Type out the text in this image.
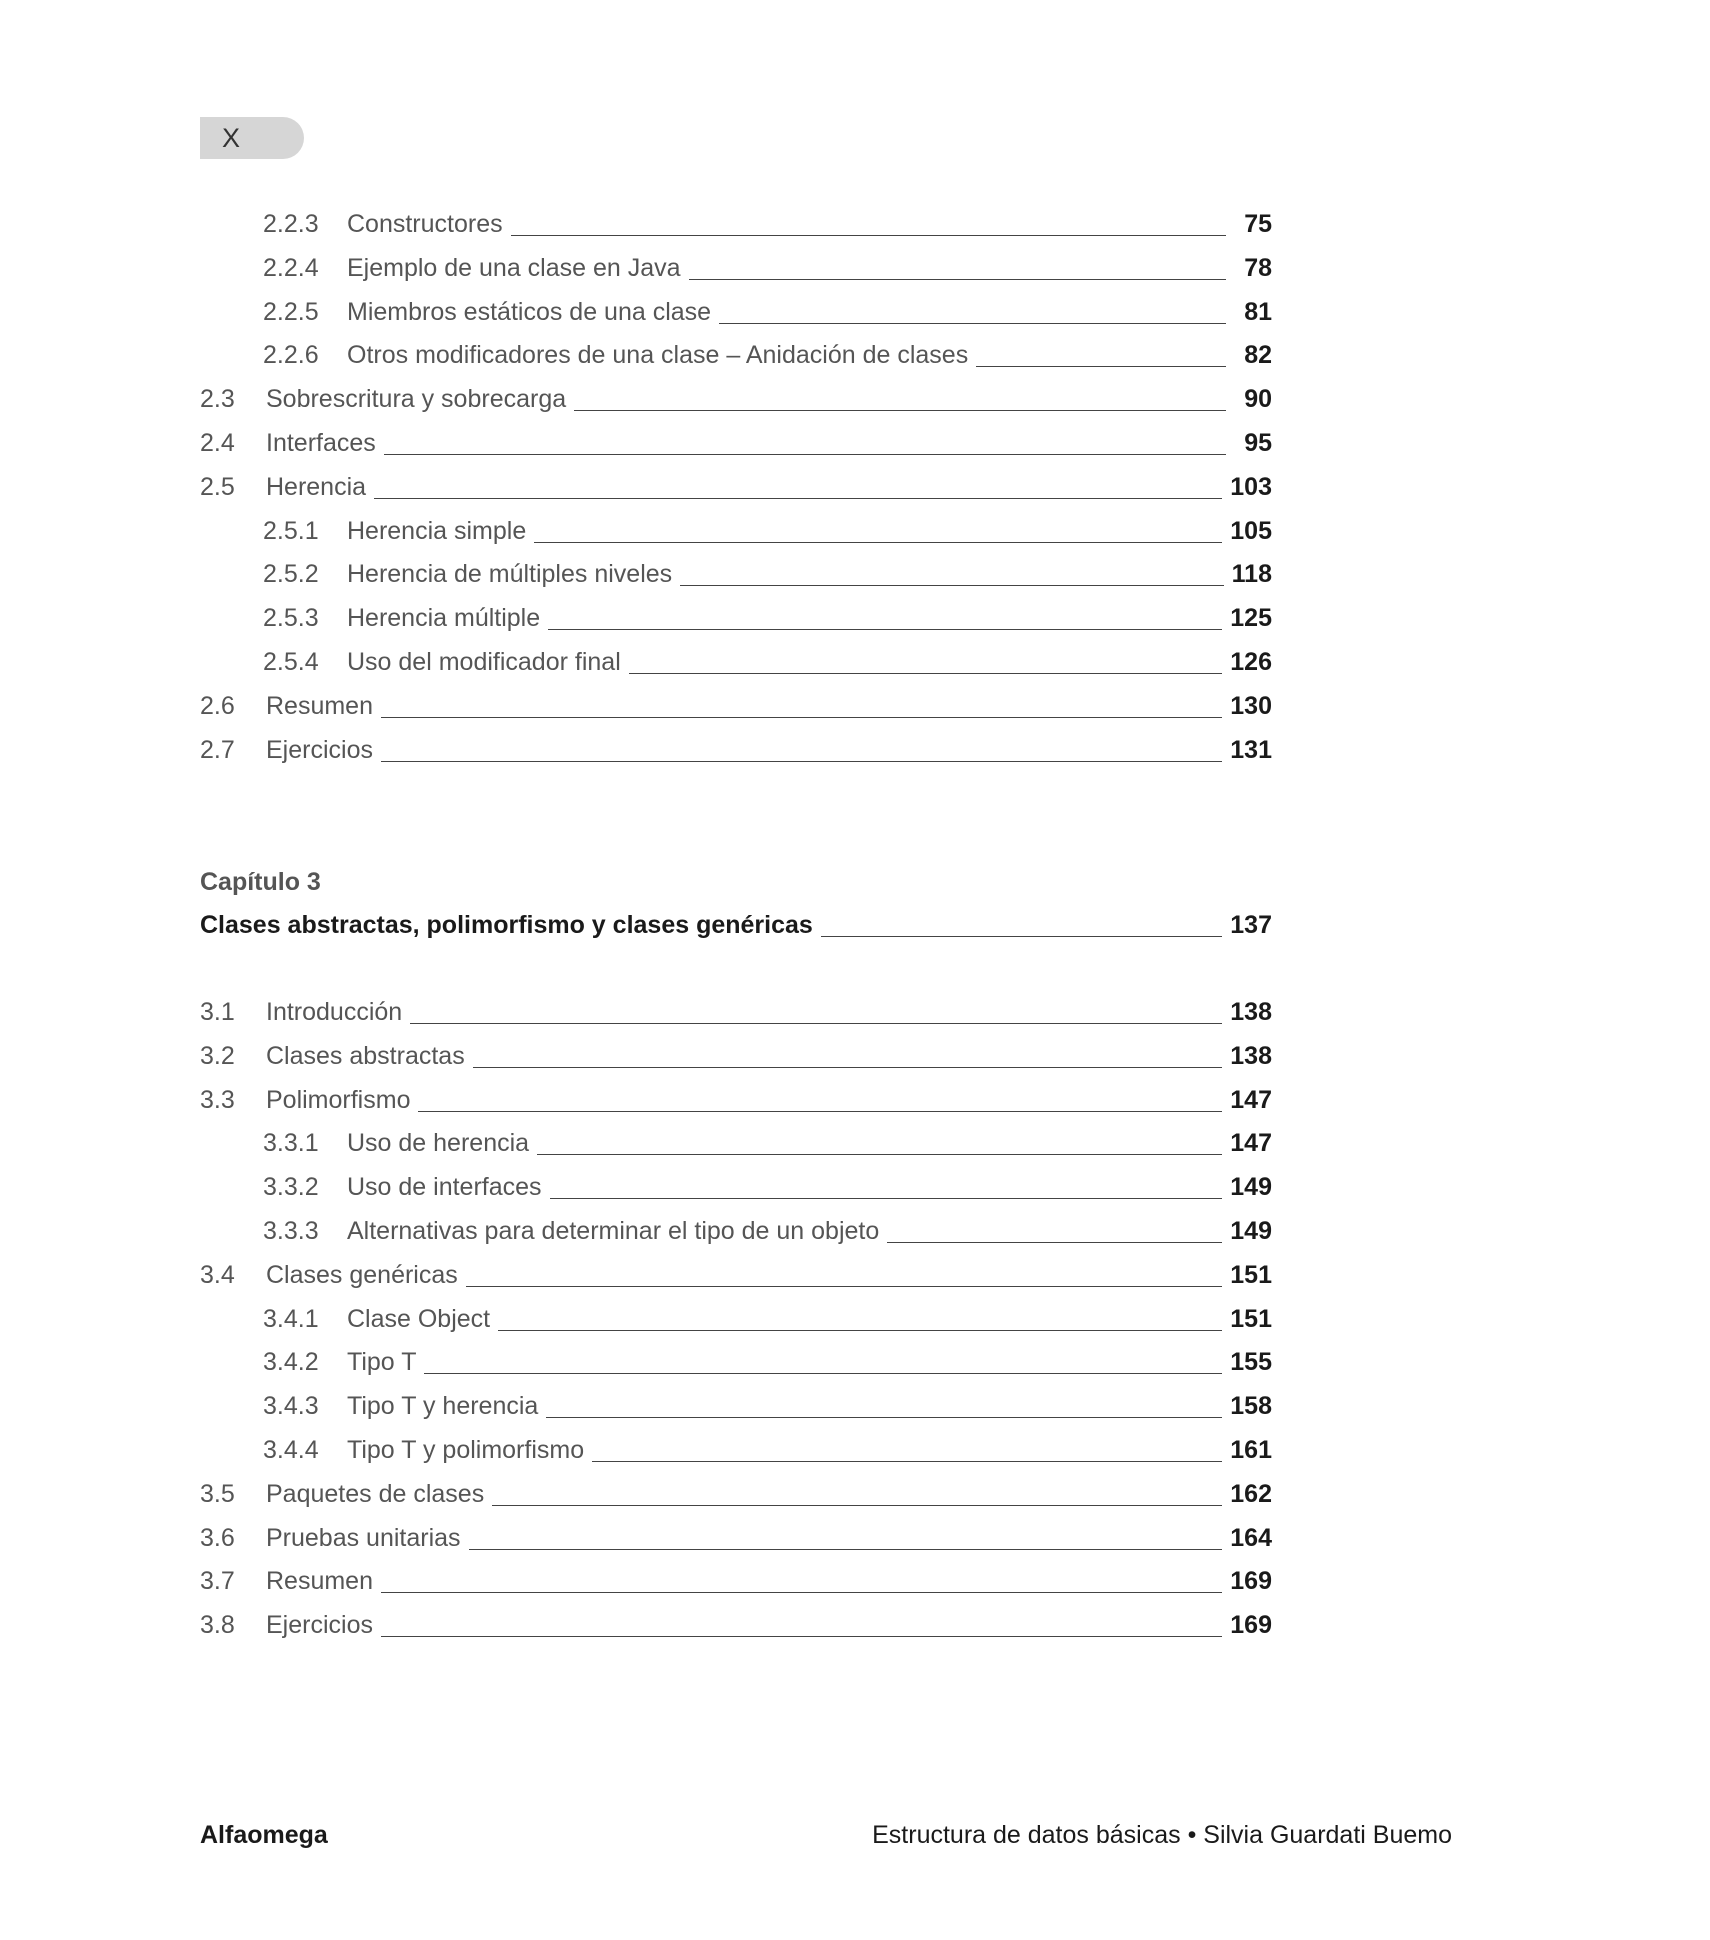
X
2.2.3 Constructores	75
2.2.4 Ejemplo de una clase en Java	78
2.2.5 Miembros estáticos de una clase	81
2.2.6 Otros modificadores de una clase – Anidación de clases	82
2.3 Sobrescritura y sobrecarga	90
2.4 Interfaces	95
2.5 Herencia	103
2.5.1 Herencia simple	105
2.5.2 Herencia de múltiples niveles	118
2.5.3 Herencia múltiple	125
2.5.4 Uso del modificador final	126
2.6 Resumen	130
2.7 Ejercicios	131
Capítulo 3
Clases abstractas, polimorfismo y clases genéricas	137
3.1 Introducción	138
3.2 Clases abstractas	138
3.3 Polimorfismo	147
3.3.1 Uso de herencia	147
3.3.2 Uso de interfaces	149
3.3.3 Alternativas para determinar el tipo de un objeto	149
3.4 Clases genéricas	151
3.4.1 Clase Object	151
3.4.2 Tipo T	155
3.4.3 Tipo T y herencia	158
3.4.4 Tipo T y polimorfismo	161
3.5 Paquetes de clases	162
3.6 Pruebas unitarias	164
3.7 Resumen	169
3.8 Ejercicios	169
Alfaomega	Estructura de datos básicas • Silvia Guardati Buemo
